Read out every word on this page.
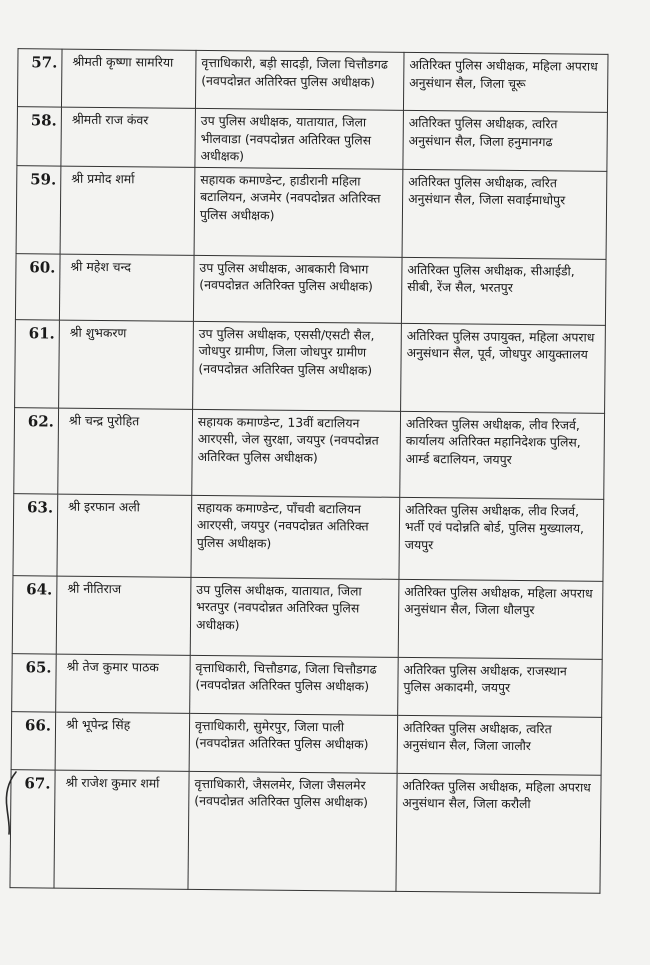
57.	श्रीमती कृष्णा सामरिया	वृत्ताधिकारी, बड़ी सादड़ी, जिला चित्तौडगढ (नवपदोन्नत अतिरिक्त पुलिस अधीक्षक)	अतिरिक्त पुलिस अधीक्षक, महिला अपराध अनुसंधान सैल, जिला चूरू
58.	श्रीमती राज कंवर	उप पुलिस अधीक्षक, यातायात, जिला भीलवाडा (नवपदोन्नत अतिरिक्त पुलिस अधीक्षक)	अतिरिक्त पुलिस अधीक्षक, त्वरित अनुसंधान सैल, जिला हनुमानगढ
59.	श्री प्रमोद शर्मा	सहायक कमाण्डेन्ट, हाडीरानी महिला बटालियन, अजमेर (नवपदोन्नत अतिरिक्त पुलिस अधीक्षक)	अतिरिक्त पुलिस अधीक्षक, त्वरित अनुसंधान सैल, जिला सवाईमाधोपुर
60.	श्री महेश चन्द	उप पुलिस अधीक्षक, आबकारी विभाग (नवपदोन्नत अतिरिक्त पुलिस अधीक्षक)	अतिरिक्त पुलिस अधीक्षक, सीआईडी, सीबी, रेंज सैल, भरतपुर
61.	श्री शुभकरण	उप पुलिस अधीक्षक, एससी/एसटी सैल, जोधपुर ग्रामीण, जिला जोधपुर ग्रामीण (नवपदोन्नत अतिरिक्त पुलिस अधीक्षक)	अतिरिक्त पुलिस उपायुक्त, महिला अपराध अनुसंधान सैल, पूर्व, जोधपुर आयुक्तालय
62.	श्री चन्द्र पुरोहित	सहायक कमाण्डेन्ट, 13वीं बटालियन आरएसी, जेल सुरक्षा, जयपुर (नवपदोन्नत अतिरिक्त पुलिस अधीक्षक)	अतिरिक्त पुलिस अधीक्षक, लीव रिजर्व, कार्यालय अतिरिक्त महानिदेशक पुलिस, आर्म्ड बटालियन, जयपुर
63.	श्री इरफान अली	सहायक कमाण्डेन्ट, पाँचवी बटालियन आरएसी, जयपुर (नवपदोन्नत अतिरिक्त पुलिस अधीक्षक)	अतिरिक्त पुलिस अधीक्षक, लीव रिजर्व, भर्ती एवं पदोन्नति बोर्ड, पुलिस मुख्यालय, जयपुर
64.	श्री नीतिराज	उप पुलिस अधीक्षक, यातायात, जिला भरतपुर (नवपदोन्नत अतिरिक्त पुलिस अधीक्षक)	अतिरिक्त पुलिस अधीक्षक, महिला अपराध अनुसंधान सैल, जिला धौलपुर
65.	श्री तेज कुमार पाठक	वृत्ताधिकारी, चित्तौडगढ, जिला चित्तौडगढ (नवपदोन्नत अतिरिक्त पुलिस अधीक्षक)	अतिरिक्त पुलिस अधीक्षक, राजस्थान पुलिस अकादमी, जयपुर
66.	श्री भूपेन्द्र सिंह	वृत्ताधिकारी, सुमेरपुर, जिला पाली (नवपदोन्नत अतिरिक्त पुलिस अधीक्षक)	अतिरिक्त पुलिस अधीक्षक, त्वरित अनुसंधान सैल, जिला जालौर
67.	श्री राजेश कुमार शर्मा	वृत्ताधिकारी, जैसलमेर, जिला जैसलमेर (नवपदोन्नत अतिरिक्त पुलिस अधीक्षक)	अतिरिक्त पुलिस अधीक्षक, महिला अपराध अनुसंधान सैल, जिला करौली
